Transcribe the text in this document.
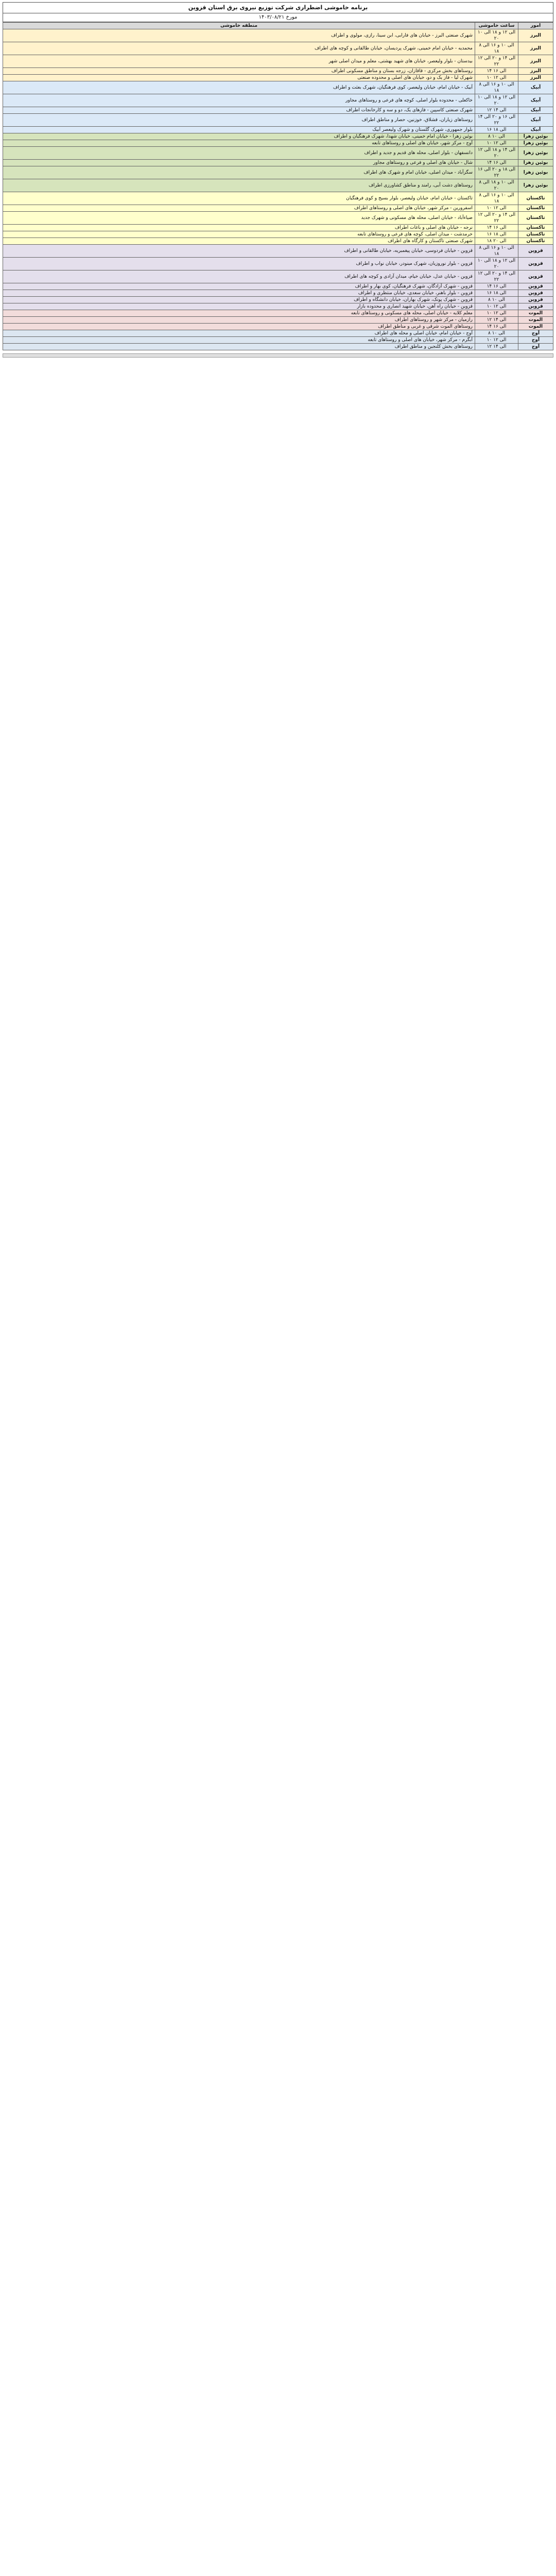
برنامه خاموشی اضطراری شرکت توزیع نیروی برق استان قزوین
مورخ ۱۴۰۳/۰۸/۲۱
امور	ساعت خاموشی	منطقه خاموشی
البرز	۱۰ الی ۱۲ و ۱۸ الی ۲۰	شهرک صنعتی البرز - خیابان های فارابی، ابن سینا، رازی، مولوی و اطراف
البرز	۸ الی ۱۰ و ۱۶ الی ۱۸	محمدیه - خیابان امام خمینی، شهرک پردیسان، خیابان طالقانی و کوچه های اطراف
البرز	۱۲ الی ۱۴ و ۲۰ الی ۲۲	بیدستان - بلوار ولیعصر، خیابان های شهید بهشتی، معلم و میدان اصلی شهر
البرز	۱۴ الی ۱۶	روستاهای بخش مرکزی - قاقازان، زرجه بستان و مناطق مسکونی اطراف
البرز	۱۰ الی ۱۲	شهرک لیا - فاز یک و دو، خیابان های اصلی و محدوده صنعتی
آبیک	۸ الی ۱۰ و ۱۶ الی ۱۸	آبیک - خیابان امام، خیابان ولیعصر، کوی فرهنگیان، شهرک بعثت و اطراف
آبیک	۱۰ الی ۱۲ و ۱۸ الی ۲۰	خاکعلی - محدوده بلوار اصلی، کوچه های فرعی و روستاهای مجاور
آبیک	۱۲ الی ۱۴	شهرک صنعتی کاسپین - فازهای یک، دو و سه و کارخانجات اطراف
آبیک	۱۴ الی ۱۶ و ۲۰ الی ۲۲	روستاهای زیاران، قشلاق، خوزنین، حصار و مناطق اطراف
آبیک	۱۶ الی ۱۸	بلوار جمهوری، شهرک گلستان و شهرک ولیعصر آبیک
بوئین زهرا	۸ الی ۱۰	بوئین زهرا - خیابان امام خمینی، خیابان شهدا، شهرک فرهنگیان و اطراف
بوئین زهرا	۱۰ الی ۱۲	آوج - مرکز شهر، خیابان های اصلی و روستاهای تابعه
بوئین زهرا	۱۲ الی ۱۴ و ۱۸ الی ۲۰	دانسفهان - بلوار اصلی، محله های قدیم و جدید و اطراف
بوئین زهرا	۱۴ الی ۱۶	شال - خیابان های اصلی و فرعی و روستاهای مجاور
بوئین زهرا	۱۶ الی ۱۸ و ۲۰ الی ۲۲	سگزآباد - میدان اصلی، خیابان امام و شهرک های اطراف
بوئین زهرا	۸ الی ۱۰ و ۱۸ الی ۲۰	روستاهای دشت آبی، رامند و مناطق کشاورزی اطراف
تاکستان	۸ الی ۱۰ و ۱۶ الی ۱۸	تاکستان - خیابان امام، خیابان ولیعصر، بلوار بسیج و کوی فرهنگیان
تاکستان	۱۰ الی ۱۲	اسفرورین - مرکز شهر، خیابان های اصلی و روستاهای اطراف
تاکستان	۱۲ الی ۱۴ و ۲۰ الی ۲۲	ضیاءآباد - خیابان اصلی، محله های مسکونی و شهرک جدید
تاکستان	۱۴ الی ۱۶	نرجه - خیابان های اصلی و باغات اطراف
تاکستان	۱۶ الی ۱۸	خرمدشت - میدان اصلی، کوچه های فرعی و روستاهای تابعه
تاکستان	۱۸ الی ۲۰	شهرک صنعتی تاکستان و کارگاه های اطراف
قزوین	۸ الی ۱۰ و ۱۶ الی ۱۸	قزوین - خیابان فردوسی، خیابان پیغمبریه، خیابان طالقانی و اطراف
قزوین	۱۰ الی ۱۲ و ۱۸ الی ۲۰	قزوین - بلوار نوروزیان، شهرک مینودر، خیابان نواب و اطراف
قزوین	۱۲ الی ۱۴ و ۲۰ الی ۲۲	قزوین - خیابان عدل، خیابان خیام، میدان آزادی و کوچه های اطراف
قزوین	۱۴ الی ۱۶	قزوین - شهرک آزادگان، شهرک فرهنگیان، کوی بهار و اطراف
قزوین	۱۶ الی ۱۸	قزوین - بلوار باهنر، خیابان سعدی، خیابان منتظری و اطراف
قزوین	۸ الی ۱۰	قزوین - شهرک پونک، شهرک بهاران، خیابان دانشگاه و اطراف
قزوین	۱۰ الی ۱۲	قزوین - خیابان راه آهن، خیابان شهید انصاری و محدوده بازار
الموت	۱۰ الی ۱۲	معلم کلایه - خیابان اصلی، محله های مسکونی و روستاهای تابعه
الموت	۱۲ الی ۱۴	رازمیان - مرکز شهر و روستاهای اطراف
الموت	۱۴ الی ۱۶	روستاهای الموت شرقی و غربی و مناطق اطراف
آوج	۸ الی ۱۰	آوج - خیابان امام، خیابان اصلی و محله های اطراف
آوج	۱۰ الی ۱۲	آبگرم - مرکز شهر، خیابان های اصلی و روستاهای تابعه
آوج	۱۲ الی ۱۴	روستاهای بخش کلنجین و مناطق اطراف
